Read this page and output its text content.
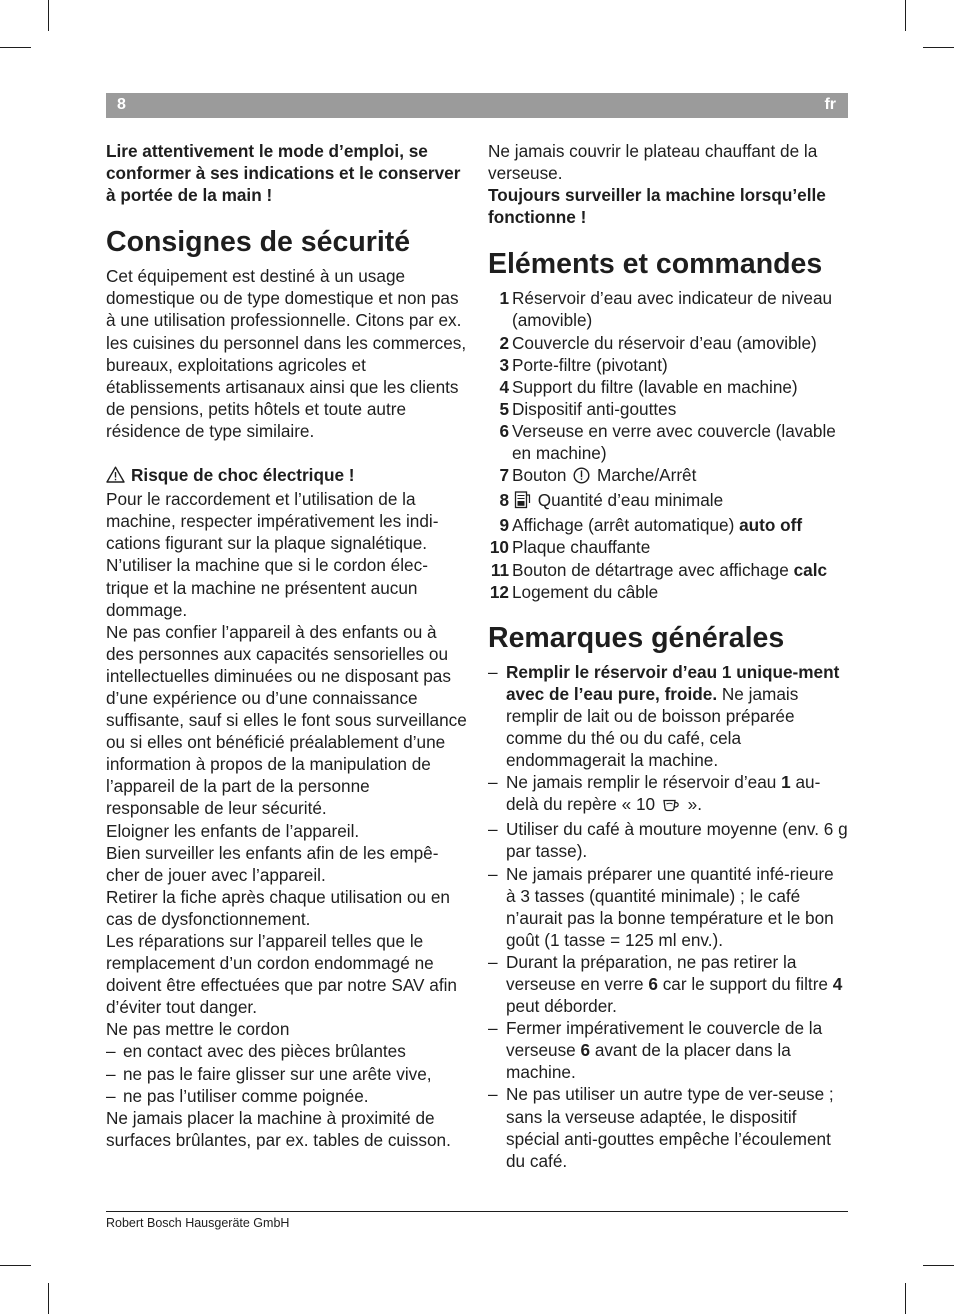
8	fr

Lire attentivement le mode d’emploi, se conformer à ses indications et le conserver à portée de la main !

Consignes de sécurité

Cet équipement est destiné à un usage domestique ou de type domestique et non pas à une utilisation professionnelle. Citons par ex. les cuisines du personnel dans les commerces, bureaux, exploitations agricoles et établissements artisanaux ainsi que les clients de pensions, petits hôtels et toute autre résidence de type similaire.

Risque de choc électrique !

Pour le raccordement et l’utilisation de la machine, respecter impérativement les indi-cations figurant sur la plaque signalétique.

N’utiliser la machine que si le cordon élec-trique et la machine ne présentent aucun dommage.

Ne pas confier l’appareil à des enfants ou à des personnes aux capacités sensorielles ou intellectuelles diminuées ou ne disposant pas d’une expérience ou d’une connaissance suffisante, sauf si elles le font sous surveillance ou si elles ont bénéficié préalablement d’une information à propos de la manipulation de l’appareil de la part de la personne responsable de leur sécurité.

Eloigner les enfants de l’appareil.

Bien surveiller les enfants afin de les empê-cher de jouer avec l’appareil.

Retirer la fiche après chaque utilisation ou en cas de dysfonctionnement.

Les réparations sur l’appareil telles que le remplacement d’un cordon endommagé ne doivent être effectuées que par notre SAV afin d’éviter tout danger.

Ne pas mettre le cordon

– en contact avec des pièces brûlantes
– ne pas le faire glisser sur une arête vive,
– ne pas l’utiliser comme poignée.

Ne jamais placer la machine à proximité de surfaces brûlantes, par ex. tables de cuisson.

Ne jamais couvrir le plateau chauffant de la verseuse.

Toujours surveiller la machine lorsqu’elle fonctionne !

Eléments et commandes
1 Réservoir d’eau avec indicateur de niveau (amovible)
2 Couvercle du réservoir d’eau (amovible)
3 Porte-filtre (pivotant)
4 Support du filtre (lavable en machine)
5 Dispositif anti-gouttes
6 Verseuse en verre avec couvercle (lavable en machine)
7 Bouton Marche/Arrêt
8	Quantité d’eau minimale
9 Affichage (arrêt automatique) auto off
10 Plaque chauffante
11 Bouton de détartrage avec affichage calc
12 Logement du câble
Remarques générales
– Remplir le réservoir d’eau 1 unique-ment avec de l’eau pure, froide. Ne jamais remplir de lait ou de boisson préparée comme du thé ou du café, cela endommagerait la machine.
– Ne jamais remplir le réservoir d’eau 1 au-delà du repère « 10 ».
– Utiliser du café à mouture moyenne (env. 6 g par tasse).
– Ne jamais préparer une quantité infé-rieure à 3 tasses (quantité minimale) ; le café n’aurait pas la bonne température et le bon goût (1 tasse = 125 ml env.).
– Durant la préparation, ne pas retirer la verseuse en verre 6 car le support du filtre 4 peut déborder.
– Fermer impérativement le couvercle de la verseuse 6 avant de la placer dans la machine.
– Ne pas utiliser un autre type de ver-seuse ; sans la verseuse adaptée, le dispositif spécial anti-gouttes empêche l’écoulement du café.
Robert Bosch Hausgeräte GmbH
